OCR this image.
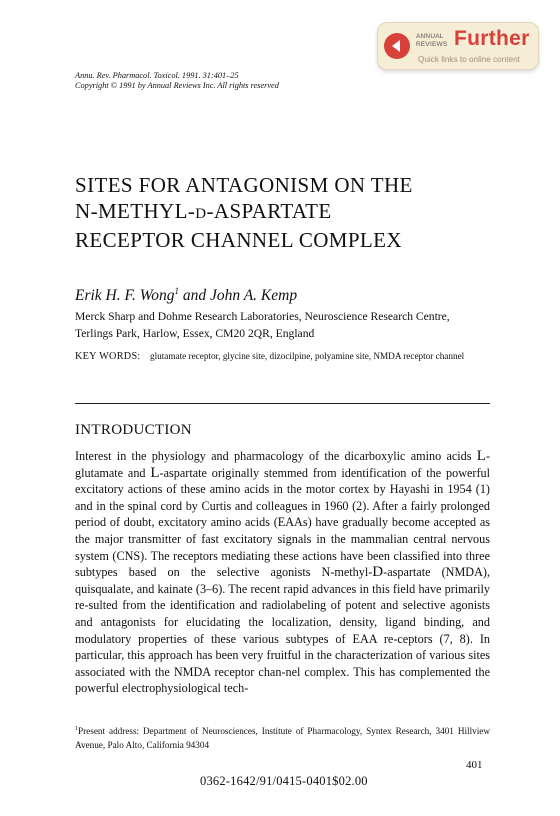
ANNUAL
REVIEWS Further
Quick links to online content
Annu. Rev. Pharmacol. Toxicol. 1991. 31:401–25
Copyright © 1991 by Annual Reviews Inc. All rights reserved
SITES FOR ANTAGONISM ON THE
N-METHYL-D-ASPARTATE
RECEPTOR CHANNEL COMPLEX
Erik H. F. Wong$^1$ and John A. Kemp
Merck Sharp and Dohme Research Laboratories, Neuroscience Research Centre,
Terlings Park, Harlow, Essex, CM20 2QR, England
KEY WORDS: glutamate receptor, glycine site, dizocilpine, polyamine site, NMDA receptor channel
INTRODUCTION

Interest in the physiology and pharmacology of the dicarboxylic amino acids L-glutamate and L-aspartate originally stemmed from identification of the powerful excitatory actions of these amino acids in the motor cortex by Hayashi in 1954 (1) and in the spinal cord by Curtis and colleagues in 1960 (2). After a fairly prolonged period of doubt, excitatory amino acids (EAAs) have gradually become accepted as the major transmitter of fast excitatory signals in the mammalian central nervous system (CNS). The receptors mediating these actions have been classified into three subtypes based on the selective agonists N-methyl-D-aspartate (NMDA), quisqualate, and kainate (3–6). The recent rapid advances in this field have primarily re-sulted from the identification and radiolabeling of potent and selective agonists and antagonists for elucidating the localization, density, ligand binding, and modulatory properties of these various subtypes of EAA re-ceptors (7, 8). In particular, this approach has been very fruitful in the characterization of various sites associated with the NMDA receptor chan-nel complex. This has complemented the powerful electrophysiological tech-

$^1$Present address: Department of Neurosciences, Institute of Pharmacology, Syntex Research, 3401 Hillview Avenue, Palo Alto, California 94304

401
0362-1642/91/0415-0401$02.00
